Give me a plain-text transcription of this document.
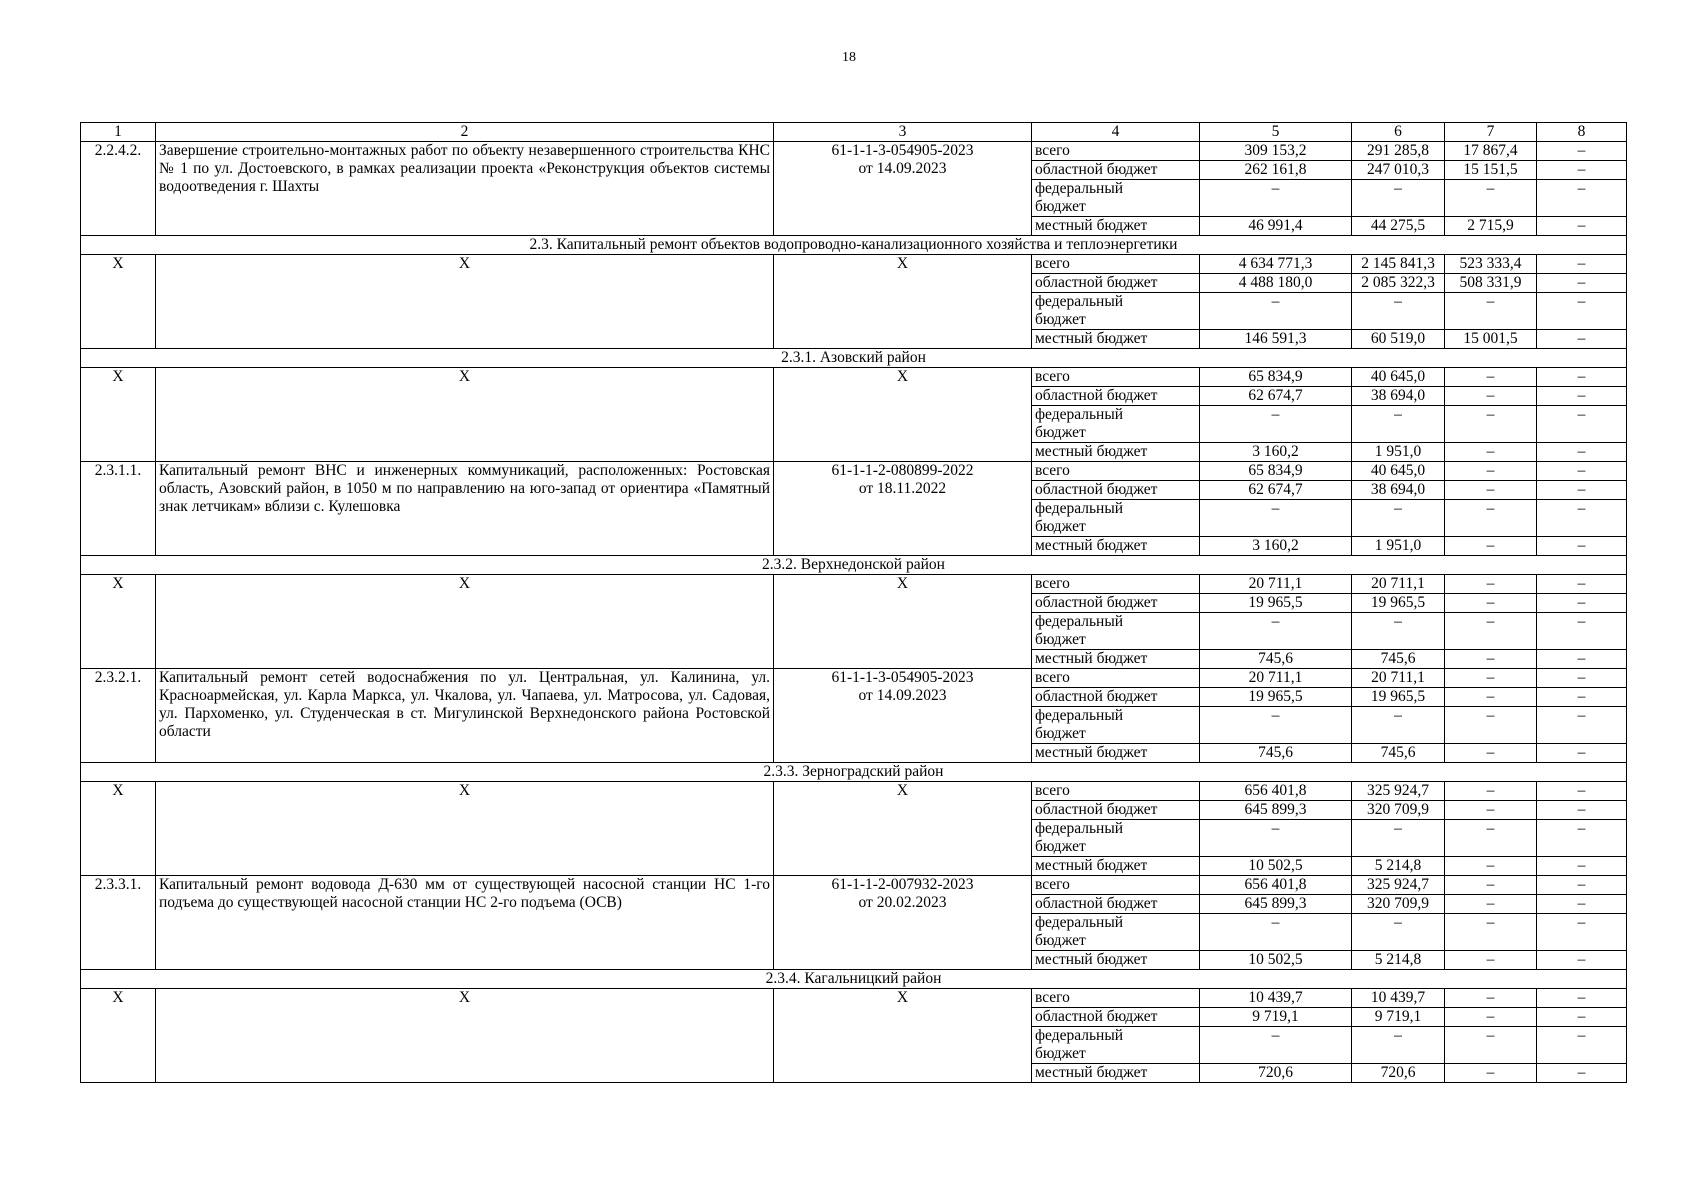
18
1	2	3	4	5	6	7	8
2.2.4.2.	Завершение строительно-монтажных работ по объекту незавершенного строительства КНС № 1 по ул. Достоевского, в рамках реализации проекта «Реконструкция объектов системы водоотведения г. Шахты	61-1-1-3-054905-2023
от 14.09.2023	всего	309 153,2	291 285,8	17 867,4	–
			областной бюджет	262 161,8	247 010,3	15 151,5	–
			федеральный
бюджет	–	–	–	–
			местный бюджет	46 991,4	44 275,5	2 715,9	–
2.3. Капитальный ремонт объектов водопроводно-канализационного хозяйства и теплоэнергетики							
Х	Х	Х	всего	4 634 771,3	2 145 841,3	523 333,4	–
			областной бюджет	4 488 180,0	2 085 322,3	508 331,9	–
			федеральный
бюджет	–	–	–	–
			местный бюджет	146 591,3	60 519,0	15 001,5	–
2.3.1. Азовский район							
Х	Х	Х	всего	65 834,9	40 645,0	–	–
			областной бюджет	62 674,7	38 694,0	–	–
			федеральный
бюджет	–	–	–	–
			местный бюджет	3 160,2	1 951,0	–	–
2.3.1.1.	Капитальный ремонт ВНС и инженерных коммуникаций, расположенных: Ростовская область, Азовский район, в 1050 м по направлению на юго-запад от ориентира «Памятный знак летчикам» вблизи с. Кулешовка	61-1-1-2-080899-2022
от 18.11.2022	всего	65 834,9	40 645,0	–	–
			областной бюджет	62 674,7	38 694,0	–	–
			федеральный
бюджет	–	–	–	–
			местный бюджет	3 160,2	1 951,0	–	–
2.3.2. Верхнедонской район							
Х	Х	Х	всего	20 711,1	20 711,1	–	–
			областной бюджет	19 965,5	19 965,5	–	–
			федеральный
бюджет	–	–	–	–
			местный бюджет	745,6	745,6	–	–
2.3.2.1.	Капитальный ремонт сетей водоснабжения по ул. Центральная, ул. Калинина, ул. Красноармейская, ул. Карла Маркса, ул. Чкалова, ул. Чапаева, ул. Матросова, ул. Садовая, ул. Пархоменко, ул. Студенческая в ст. Мигулинской Верхнедонского района Ростовской области	61-1-1-3-054905-2023
от 14.09.2023	всего	20 711,1	20 711,1	–	–
			областной бюджет	19 965,5	19 965,5	–	–
			федеральный
бюджет	–	–	–	–
			местный бюджет	745,6	745,6	–	–
2.3.3. Зерноградский район							
Х	Х	Х	всего	656 401,8	325 924,7	–	–
			областной бюджет	645 899,3	320 709,9	–	–
			федеральный
бюджет	–	–	–	–
			местный бюджет	10 502,5	5 214,8	–	–
2.3.3.1.	Капитальный ремонт водовода Д-630 мм от существующей насосной станции НС 1-го подъема до существующей насосной станции НС 2-го подъема (ОСВ)	61-1-1-2-007932-2023
от 20.02.2023	всего	656 401,8	325 924,7	–	–
			областной бюджет	645 899,3	320 709,9	–	–
			федеральный
бюджет	–	–	–	–
			местный бюджет	10 502,5	5 214,8	–	–
2.3.4. Кагальницкий район							
Х	Х	Х	всего	10 439,7	10 439,7	–	–
			областной бюджет	9 719,1	9 719,1	–	–
			федеральный
бюджет	–	–	–	–
			местный бюджет	720,6	720,6	–	–
